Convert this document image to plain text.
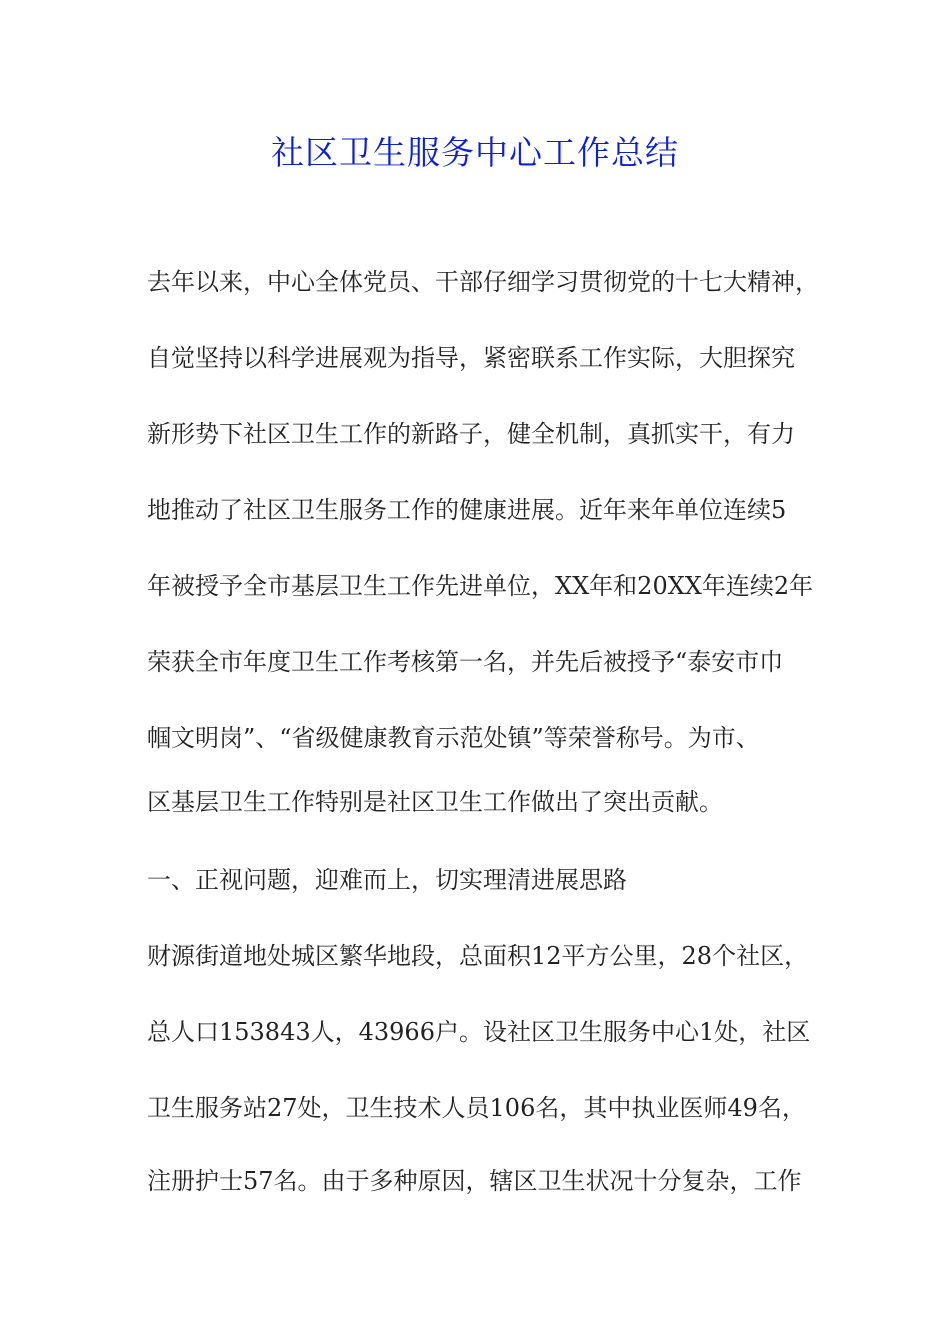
社区卫生服务中心工作总结
去年以来，中心全体党员、干部仔细学习贯彻党的十七大精神，
自觉坚持以科学进展观为指导，紧密联系工作实际，大胆探究
新形势下社区卫生工作的新路子，健全机制，真抓实干，有力
地推动了社区卫生服务工作的健康进展。近年来年单位连续5
年被授予全市基层卫生工作先进单位，XX年和20XX年连续2年
荣获全市年度卫生工作考核第一名，并先后被授予“泰安市巾
帼文明岗”、“省级健康教育示范处镇”等荣誉称号。为市、
区基层卫生工作特别是社区卫生工作做出了突出贡献。
一、正视问题，迎难而上，切实理清进展思路
财源街道地处城区繁华地段，总面积12平方公里，28个社区，
总人口153843人，43966户。设社区卫生服务中心1处，社区
卫生服务站27处，卫生技术人员106名，其中执业医师49名，
注册护士57名。由于多种原因，辖区卫生状况十分复杂，工作
